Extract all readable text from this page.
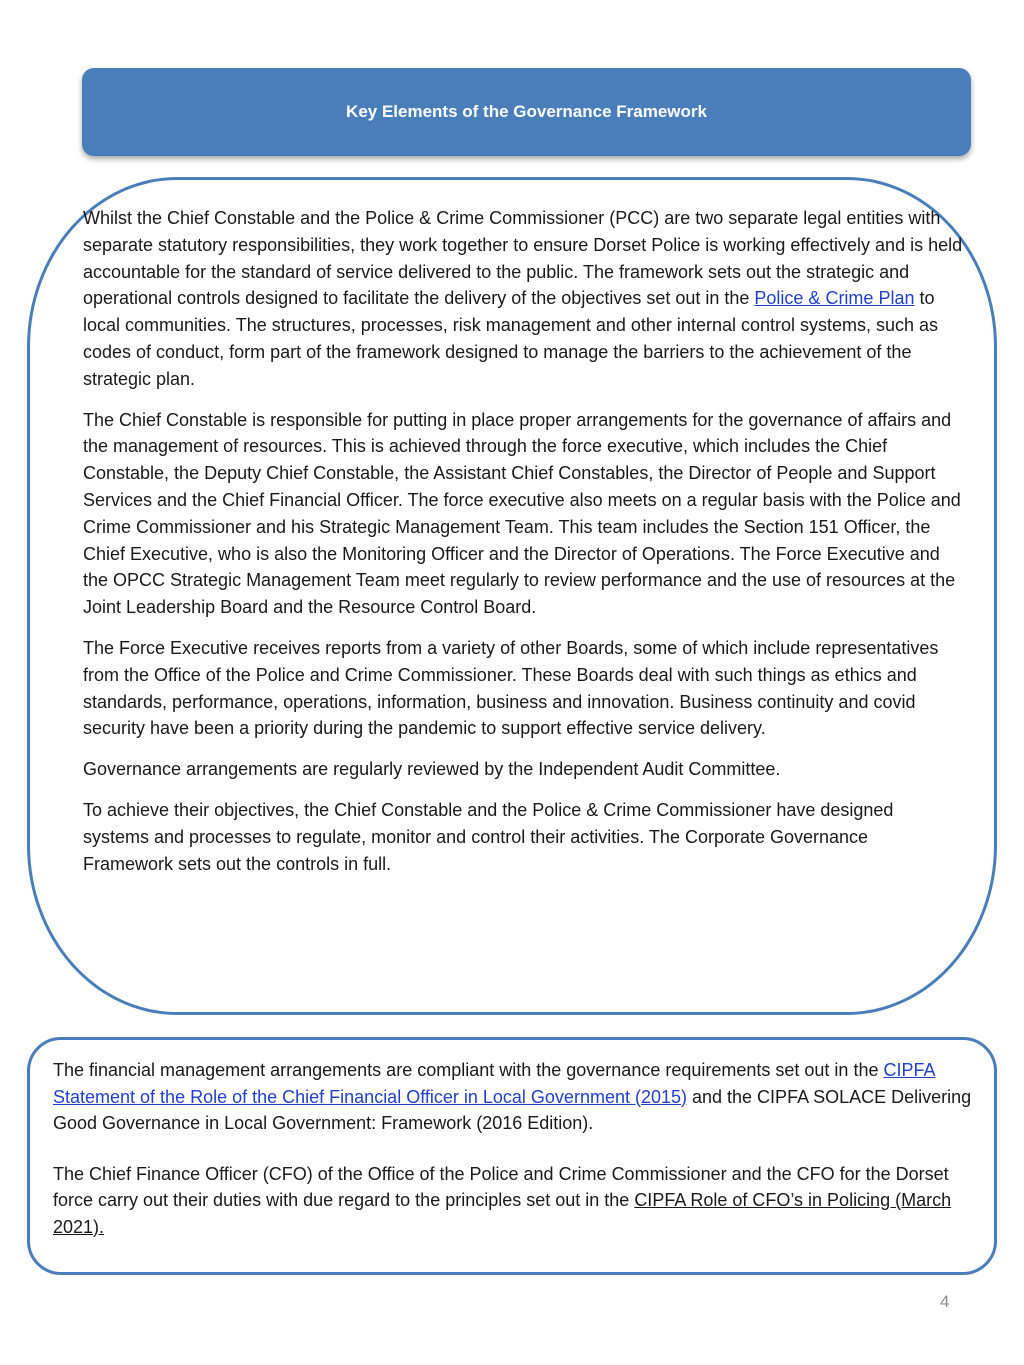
Key Elements of the Governance Framework

Whilst the Chief Constable and the Police & Crime Commissioner (PCC) are two separate legal entities with separate statutory responsibilities, they work together to ensure Dorset Police is working effectively and is held accountable for the standard of service delivered to the public. The framework sets out the strategic and operational controls designed to facilitate the delivery of the objectives set out in the Police & Crime Plan to local communities. The structures, processes, risk management and other internal control systems, such as codes of conduct, form part of the framework designed to manage the barriers to the achievement of the strategic plan.

The Chief Constable is responsible for putting in place proper arrangements for the governance of affairs and the management of resources. This is achieved through the force executive, which includes the Chief Constable, the Deputy Chief Constable, the Assistant Chief Constables, the Director of People and Support Services and the Chief Financial Officer. The force executive also meets on a regular basis with the Police and Crime Commissioner and his Strategic Management Team. This team includes the Section 151 Officer, the Chief Executive, who is also the Monitoring Officer and the Director of Operations. The Force Executive and the OPCC Strategic Management Team meet regularly to review performance and the use of resources at the Joint Leadership Board and the Resource Control Board.

The Force Executive receives reports from a variety of other Boards, some of which include representatives from the Office of the Police and Crime Commissioner. These Boards deal with such things as ethics and standards, performance, operations, information, business and innovation. Business continuity and covid security have been a priority during the pandemic to support effective service delivery.

Governance arrangements are regularly reviewed by the Independent Audit Committee.

To achieve their objectives, the Chief Constable and the Police & Crime Commissioner have designed systems and processes to regulate, monitor and control their activities. The Corporate Governance Framework sets out the controls in full.

The financial management arrangements are compliant with the governance requirements set out in the CIPFA Statement of the Role of the Chief Financial Officer in Local Government (2015) and the CIPFA SOLACE Delivering Good Governance in Local Government: Framework (2016 Edition).

The Chief Finance Officer (CFO) of the Office of the Police and Crime Commissioner and the CFO for the Dorset force carry out their duties with due regard to the principles set out in the CIPFA Role of CFO’s in Policing (March 2021).

4
